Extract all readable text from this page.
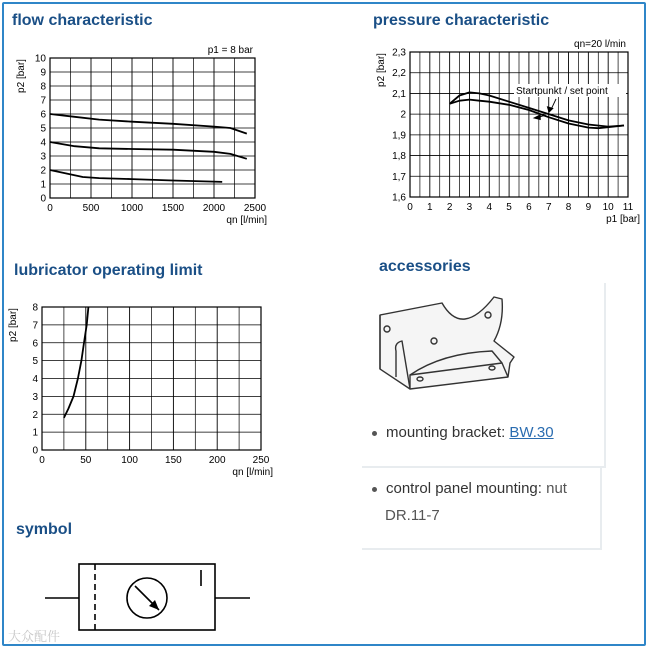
flow characteristic	pressure characteristic
lubricator operating limit	accessories
symbol
0	500 1000 1500 2000 2500
0
1
2
3
4
5
6
7
8
9
10
qn [l/min]
p2 [bar]
p1 = 8 bar
0 1 2 3 4 5 6 7 8 9 10 11
1,6
1,7
1,8
1,9
2
2,1
2,2
2,3
p1 [bar]
p2 [bar]
qn=20 l/min
Startpunkt / set point
0	50	100	150	200	250
0
1
2
3
4
5
6
7
8
qn [l/min]
p2 [bar]
mounting bracket: BW.30
control panel mounting: nut
DR.11-7
大众配件
